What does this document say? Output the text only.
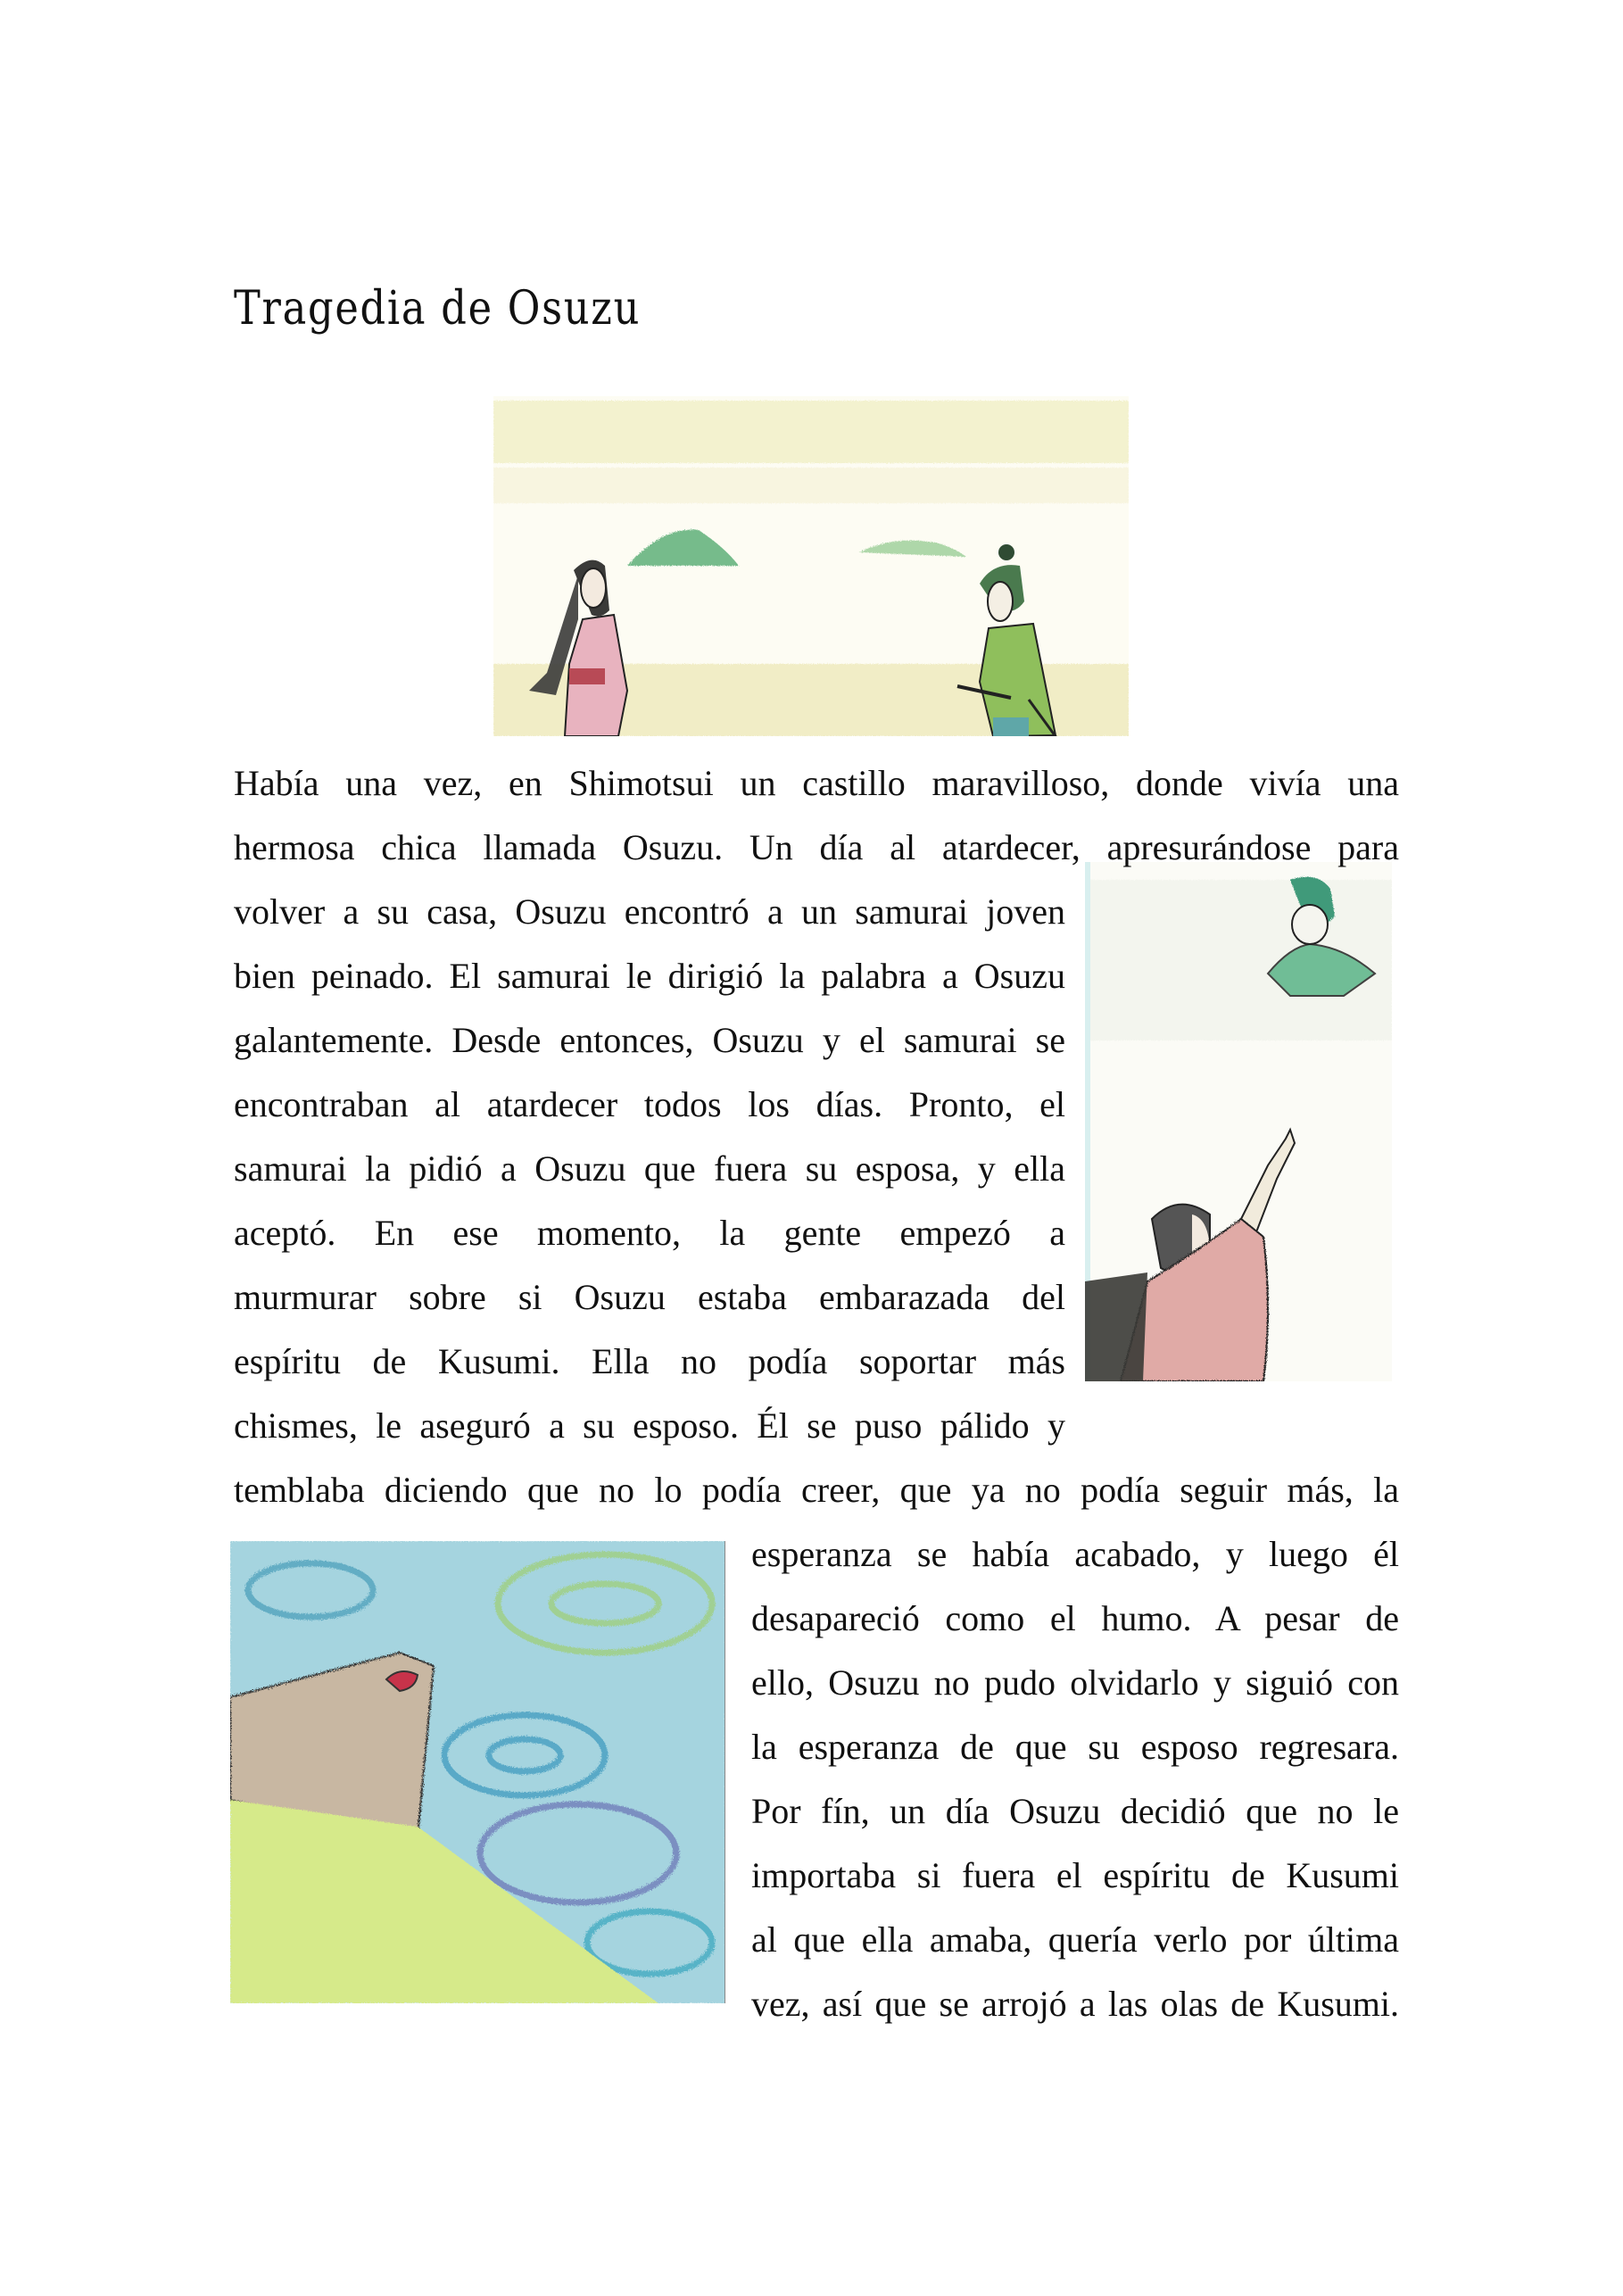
Tragedia de Osuzu
Había una vez, en Shimotsui un castillo maravilloso, donde vivía una
hermosa chica llamada Osuzu. Un día al atardecer, apresurándose para
volver a su casa, Osuzu encontró a un samurai joven
bien peinado. El samurai le dirigió la palabra a Osuzu
galantemente. Desde entonces, Osuzu y el samurai se
encontraban al atardecer todos los días. Pronto, el
samurai la pidió a Osuzu que fuera su esposa, y ella
aceptó. En ese momento, la gente empezó a
murmurar sobre si Osuzu estaba embarazada del
espíritu de Kusumi. Ella no podía soportar más
chismes, le aseguró a su esposo. Él se puso pálido y
temblaba diciendo que no lo podía creer, que ya no podía seguir más, la
esperanza se había acabado, y luego él
desapareció como el humo. A pesar de
ello, Osuzu no pudo olvidarlo y siguió con
la esperanza de que su esposo regresara.
Por fín, un día Osuzu decidió que no le
importaba si fuera el espíritu de Kusumi
al que ella amaba, quería verlo por última
vez, así que se arrojó a las olas de Kusumi.
